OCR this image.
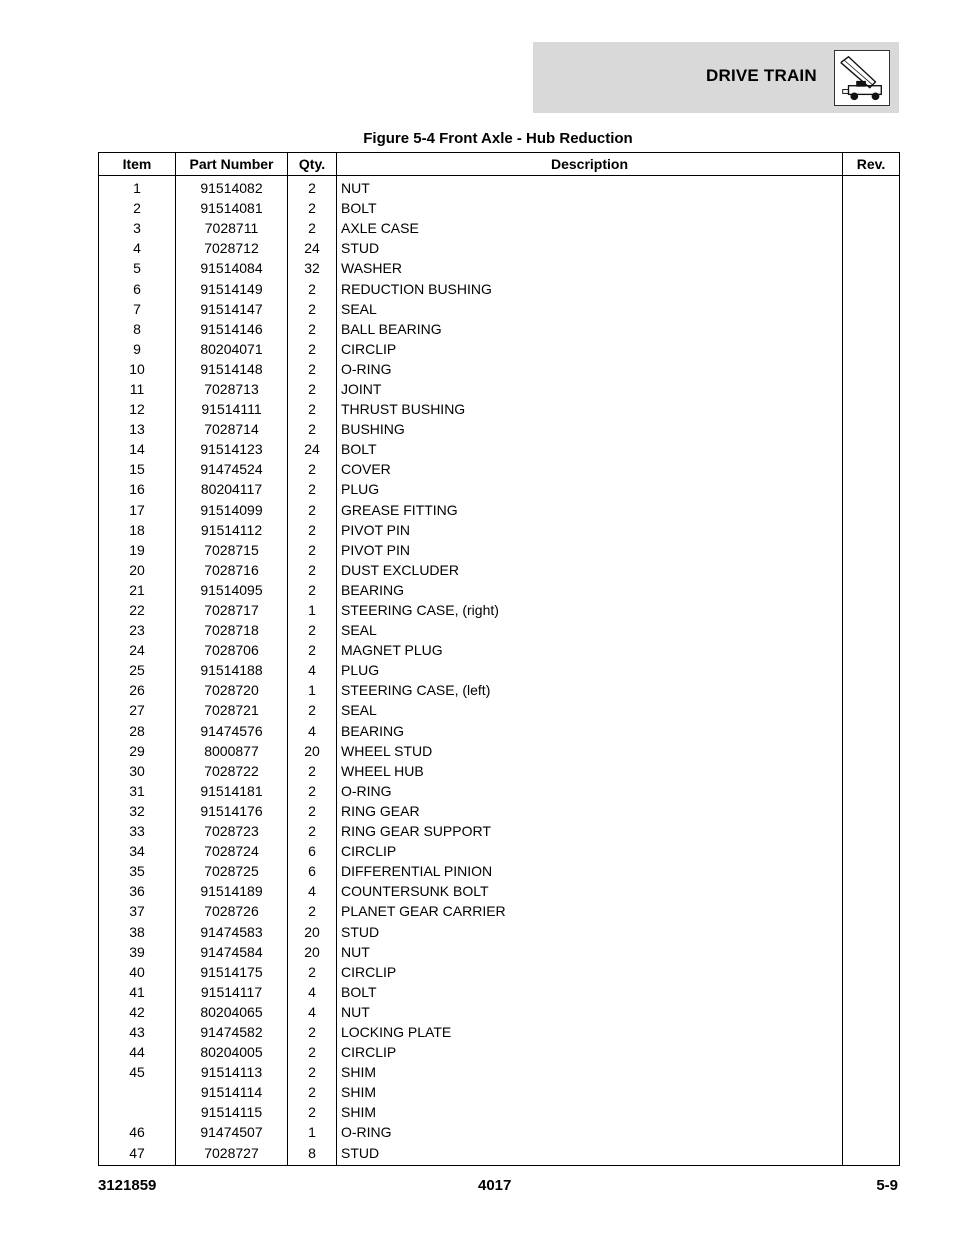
DRIVE TRAIN
Figure 5-4 Front Axle - Hub Reduction
Item	Part Number	Qty.	Description	Rev.
1	91514082	2	NUT	
2	91514081	2	BOLT	
3	7028711	2	AXLE CASE	
4	7028712	24	STUD	
5	91514084	32	WASHER	
6	91514149	2	REDUCTION BUSHING	
7	91514147	2	SEAL	
8	91514146	2	BALL BEARING	
9	80204071	2	CIRCLIP	
10	91514148	2	O-RING	
11	7028713	2	JOINT	
12	91514111	2	THRUST BUSHING	
13	7028714	2	BUSHING	
14	91514123	24	BOLT	
15	91474524	2	COVER	
16	80204117	2	PLUG	
17	91514099	2	GREASE FITTING	
18	91514112	2	PIVOT PIN	
19	7028715	2	PIVOT PIN	
20	7028716	2	DUST EXCLUDER	
21	91514095	2	BEARING	
22	7028717	1	STEERING CASE, (right)	
23	7028718	2	SEAL	
24	7028706	2	MAGNET PLUG	
25	91514188	4	PLUG	
26	7028720	1	STEERING CASE, (left)	
27	7028721	2	SEAL	
28	91474576	4	BEARING	
29	8000877	20	WHEEL STUD	
30	7028722	2	WHEEL HUB	
31	91514181	2	O-RING	
32	91514176	2	RING GEAR	
33	7028723	2	RING GEAR SUPPORT	
34	7028724	6	CIRCLIP	
35	7028725	6	DIFFERENTIAL PINION	
36	91514189	4	COUNTERSUNK BOLT	
37	7028726	2	PLANET GEAR CARRIER	
38	91474583	20	STUD	
39	91474584	20	NUT	
40	91514175	2	CIRCLIP	
41	91514117	4	BOLT	
42	80204065	4	NUT	
43	91474582	2	LOCKING PLATE	
44	80204005	2	CIRCLIP	
45	91514113	2	SHIM	
	91514114	2	SHIM	
	91514115	2	SHIM	
46	91474507	1	O-RING	
47	7028727	8	STUD	
3121859	4017	5-9
